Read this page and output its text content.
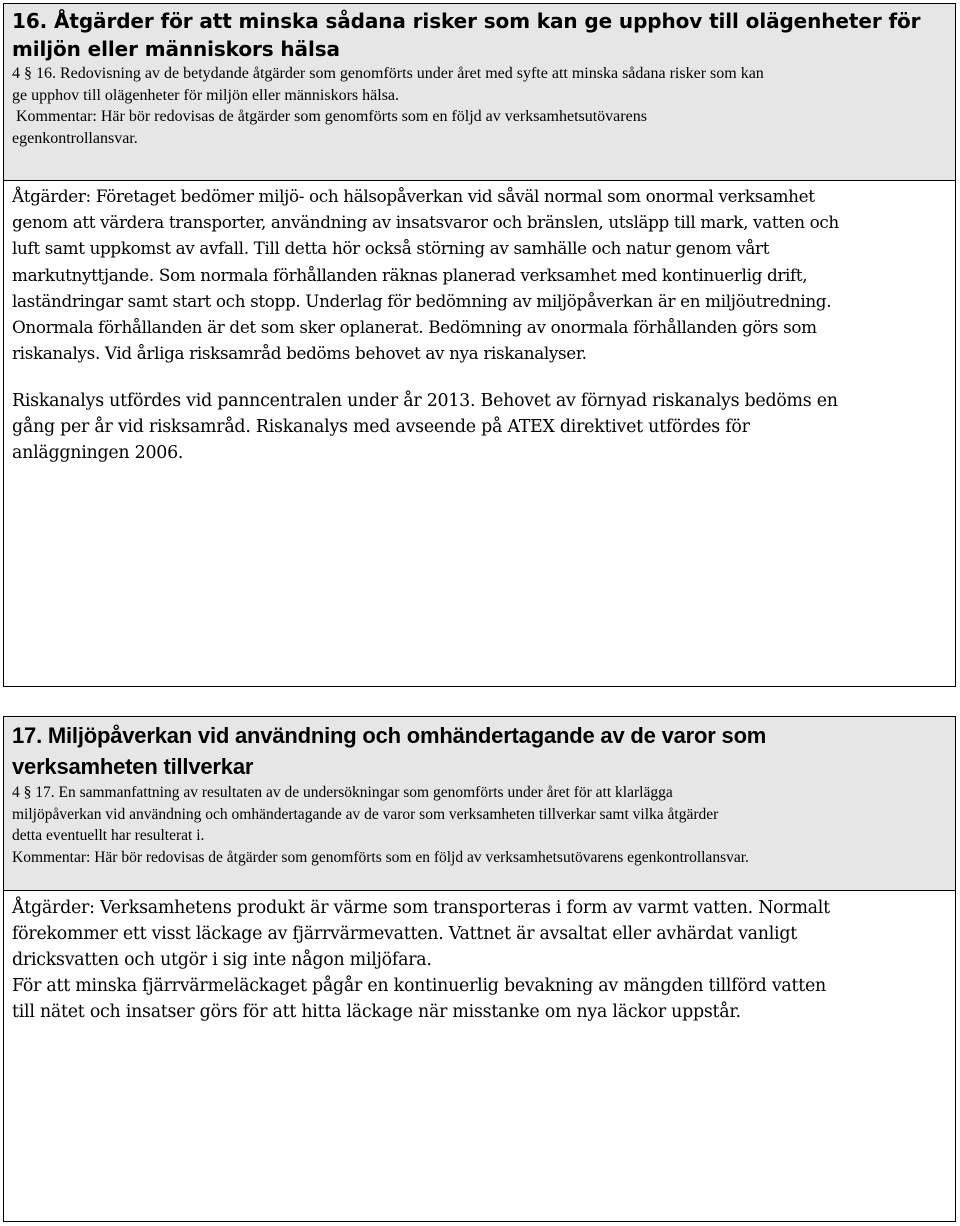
16. Åtgärder för att minska sådana risker som kan ge upphov till olägenheter för
miljön eller människors hälsa

4 § 16. Redovisning av de betydande åtgärder som genomförts under året med syfte att minska sådana risker som kan
ge upphov till olägenheter för miljön eller människors hälsa.

Kommentar: Här bör redovisas de åtgärder som genomförts som en följd av verksamhetsutövarens
egenkontrollansvar.

Åtgärder: Företaget bedömer miljö- och hälsopåverkan vid såväl normal som onormal verksamhet
genom att värdera transporter, användning av insatsvaror och bränslen, utsläpp till mark, vatten och
luft samt uppkomst av avfall. Till detta hör också störning av samhälle och natur genom vårt
markutnyttjande. Som normala förhållanden räknas planerad verksamhet med kontinuerlig drift,
laständringar samt start och stopp. Underlag för bedömning av miljöpåverkan är en miljöutredning.
Onormala förhållanden är det som sker oplanerat. Bedömning av onormala förhållanden görs som
riskanalys. Vid årliga risksamråd bedöms behovet av nya riskanalyser.

Riskanalys utfördes vid panncentralen under år 2013. Behovet av förnyad riskanalys bedöms en
gång per år vid risksamråd. Riskanalys med avseende på ATEX direktivet utfördes för
anläggningen 2006.

17. Miljöpåverkan vid användning och omhändertagande av de varor som
verksamheten tillverkar

4 § 17. En sammanfattning av resultaten av de undersökningar som genomförts under året för att klarlägga
miljöpåverkan vid användning och omhändertagande av de varor som verksamheten tillverkar samt vilka åtgärder
detta eventuellt har resulterat i.

Kommentar: Här bör redovisas de åtgärder som genomförts som en följd av verksamhetsutövarens egenkontrollansvar.

Åtgärder: Verksamhetens produkt är värme som transporteras i form av varmt vatten. Normalt
förekommer ett visst läckage av fjärrvärmevatten. Vattnet är avsaltat eller avhärdat vanligt
dricksvatten och utgör i sig inte någon miljöfara.
För att minska fjärrvärmeläckaget pågår en kontinuerlig bevakning av mängden tillförd vatten
till nätet och insatser görs för att hitta läckage när misstanke om nya läckor uppstår.
